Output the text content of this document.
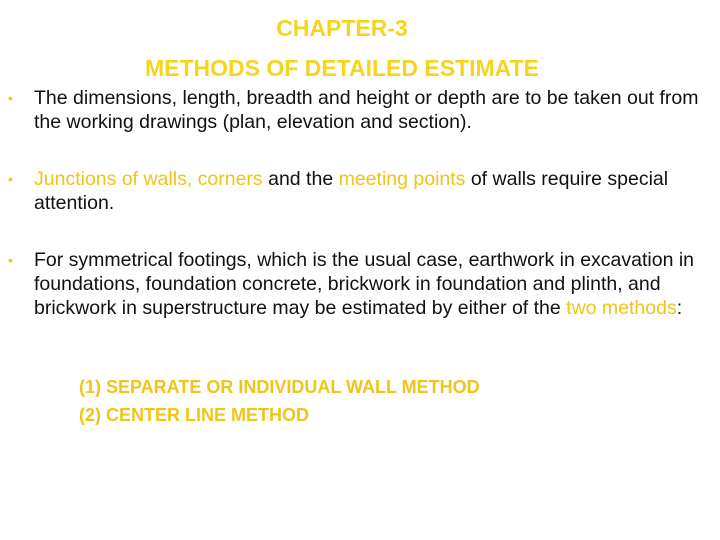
CHAPTER-3
METHODS OF DETAILED ESTIMATE
• The dimensions, length, breadth and height or depth are to be taken out from the working drawings (plan, elevation and section).
• Junctions of walls, corners and the meeting points of walls require special attention.
• For symmetrical footings, which is the usual case, earthwork in excavation in foundations, foundation concrete, brickwork in foundation and plinth, and brickwork in superstructure may be estimated by either of the two methods:
(1) SEPARATE OR INDIVIDUAL WALL METHOD
(2) CENTER LINE METHOD
